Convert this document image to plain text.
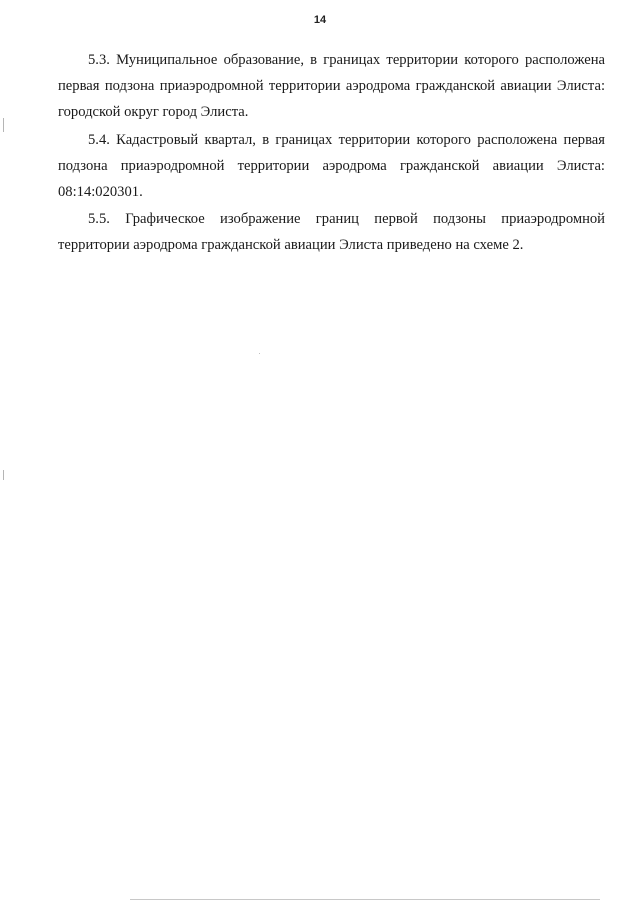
14

5.3. Муниципальное образование, в границах территории которого расположена первая подзона приаэродромной территории аэродрома гражданской авиации Элиста: городской округ город Элиста.

5.4. Кадастровый квартал, в границах территории которого расположена первая подзона приаэродромной территории аэродрома гражданской авиации Элиста: 08:14:020301.

5.5. Графическое изображение границ первой подзоны приаэродромной территории аэродрома гражданской авиации Элиста приведено на схеме 2.
